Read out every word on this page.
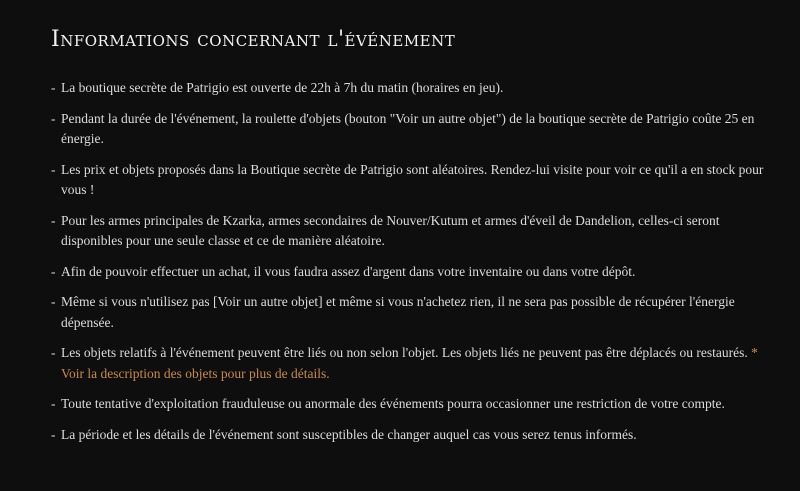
Informations concernant l'événement
- La boutique secrète de Patrigio est ouverte de 22h à 7h du matin (horaires en jeu).
- Pendant la durée de l'événement, la roulette d'objets (bouton "Voir un autre objet") de la boutique secrète de Patrigio coûte 25 en énergie.
- Les prix et objets proposés dans la Boutique secrète de Patrigio sont aléatoires. Rendez-lui visite pour voir ce qu'il a en stock pour vous !
- Pour les armes principales de Kzarka, armes secondaires de Nouver/Kutum et armes d'éveil de Dandelion, celles-ci seront disponibles pour une seule classe et ce de manière aléatoire.
- Afin de pouvoir effectuer un achat, il vous faudra assez d'argent dans votre inventaire ou dans votre dépôt.
- Même si vous n'utilisez pas [Voir un autre objet] et même si vous n'achetez rien, il ne sera pas possible de récupérer l'énergie dépensée.
- Les objets relatifs à l'événement peuvent être liés ou non selon l'objet. Les objets liés ne peuvent pas être déplacés ou restaurés. * Voir la description des objets pour plus de détails.
- Toute tentative d'exploitation frauduleuse ou anormale des événements pourra occasionner une restriction de votre compte.
- La période et les détails de l'événement sont susceptibles de changer auquel cas vous serez tenus informés.
